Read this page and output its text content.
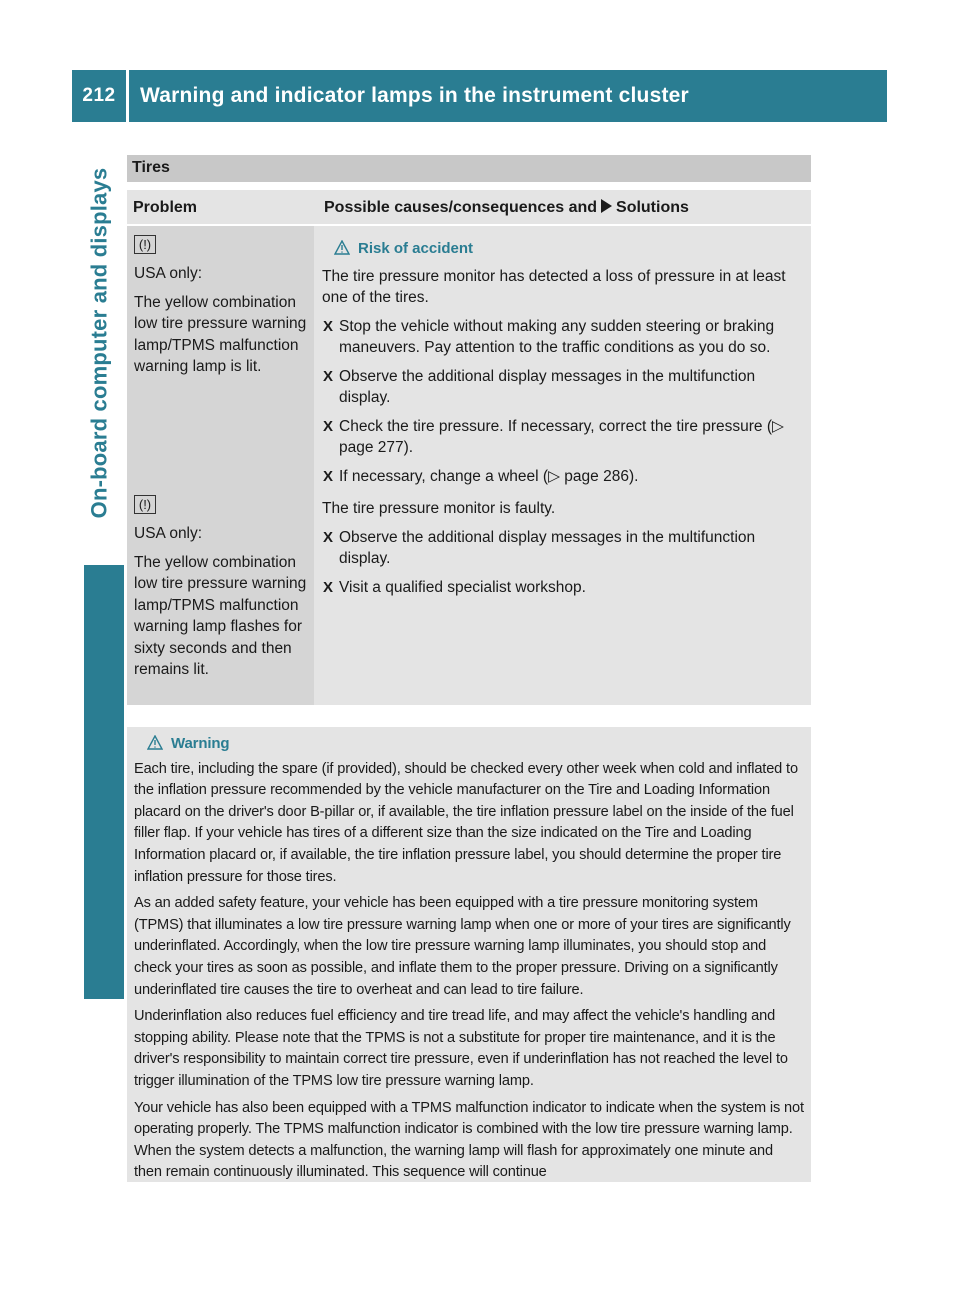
212	Warning and indicator lamps in the instrument cluster
On-board computer and displays
Tires
Problem	Possible causes/consequences and Solutions
(!)
USA only:
The yellow combination low tire pressure warning lamp/TPMS malfunction warning lamp is lit.
Risk of accident
The tire pressure monitor has detected a loss of pressure in at least one of the tires.
X Stop the vehicle without making any sudden steering or braking maneuvers. Pay attention to the traffic conditions as you do so.
X Observe the additional display messages in the multifunction display.
X Check the tire pressure. If necessary, correct the tire pressure (▷ page 277).
X If necessary, change a wheel (▷ page 286).
(!)
USA only:
The yellow combination low tire pressure warning lamp/TPMS malfunction warning lamp flashes for sixty seconds and then remains lit.
The tire pressure monitor is faulty.
X Observe the additional display messages in the multifunction display.
X Visit a qualified specialist workshop.
Warning

Each tire, including the spare (if provided), should be checked every other week when cold and inflated to the inflation pressure recommended by the vehicle manufacturer on the Tire and Loading Information placard on the driver's door B-pillar or, if available, the tire inflation pressure label on the inside of the fuel filler flap. If your vehicle has tires of a different size than the size indicated on the Tire and Loading Information placard or, if available, the tire inflation pressure label, you should determine the proper tire inflation pressure for those tires.

As an added safety feature, your vehicle has been equipped with a tire pressure monitoring system (TPMS) that illuminates a low tire pressure warning lamp when one or more of your tires are significantly underinflated. Accordingly, when the low tire pressure warning lamp illuminates, you should stop and check your tires as soon as possible, and inflate them to the proper pressure. Driving on a significantly underinflated tire causes the tire to overheat and can lead to tire failure.

Underinflation also reduces fuel efficiency and tire tread life, and may affect the vehicle's handling and stopping ability. Please note that the TPMS is not a substitute for proper tire maintenance, and it is the driver's responsibility to maintain correct tire pressure, even if underinflation has not reached the level to trigger illumination of the TPMS low tire pressure warning lamp.

Your vehicle has also been equipped with a TPMS malfunction indicator to indicate when the system is not operating properly. The TPMS malfunction indicator is combined with the low tire pressure warning lamp. When the system detects a malfunction, the warning lamp will flash for approximately one minute and then remain continuously illuminated. This sequence will continue
